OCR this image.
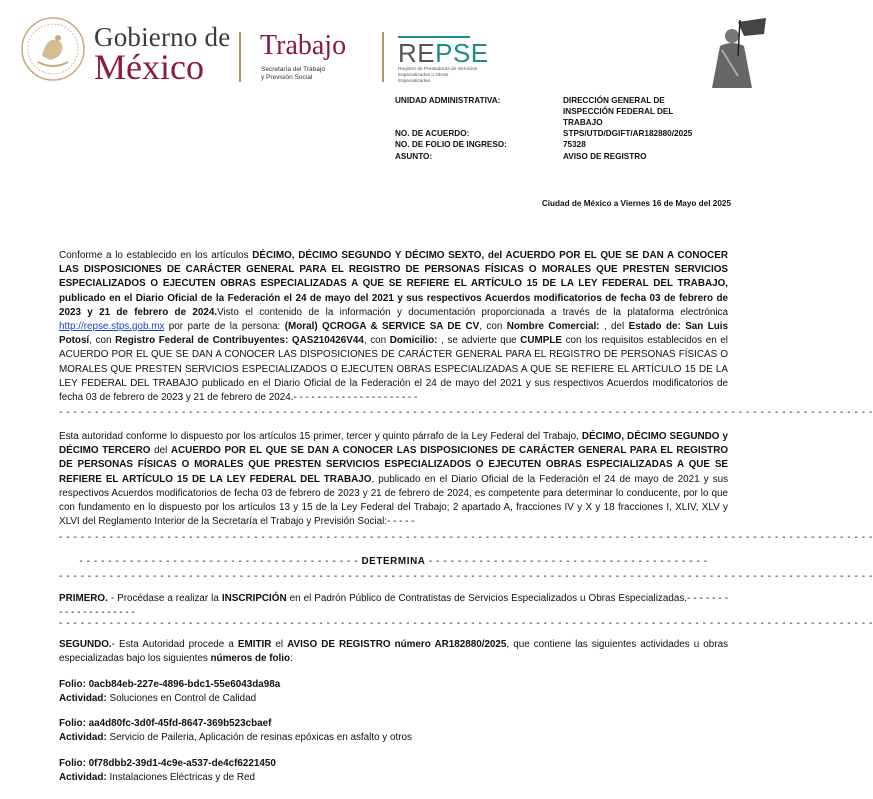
Gobierno de
México
Trabajo
Secretaría del Trabajo
y Previsión Social
REPSE
Registro de Prestadoras de Servicios
Especializados u Obras Especializadas
UNIDAD ADMINISTRATIVA:	DIRECCIÓN GENERAL DE
INSPECCIÓN FEDERAL DEL
TRABAJO
NO. DE ACUERDO:	STPS/UTD/DGIFT/AR182880/2025
NO. DE FOLIO DE INGRESO:	75328
ASUNTO:	AVISO DE REGISTRO
Ciudad de México a Viernes 16 de Mayo del 2025
Conforme a lo establecido en los artículos DÉCIMO, DÉCIMO SEGUNDO Y DÉCIMO SEXTO, del ACUERDO POR EL QUE SE DAN A CONOCER LAS DISPOSICIONES DE CARÁCTER GENERAL PARA EL REGISTRO DE PERSONAS FÍSICAS O MORALES QUE PRESTEN SERVICIOS ESPECIALIZADOS O EJECUTEN OBRAS ESPECIALIZADAS A QUE SE REFIERE EL ARTÍCULO 15 DE LA LEY FEDERAL DEL TRABAJO, publicado en el Diario Oficial de la Federación el 24 de mayo del 2021 y sus respectivos Acuerdos modificatorios de fecha 03 de febrero de 2023 y 21 de febrero de 2024.Visto el contenido de la información y documentación proporcionada a través de la plataforma electrónica http://repse.stps.gob.mx por parte de la persona: (Moral) QCROGA & SERVICE SA DE CV, con Nombre Comercial: , del Estado de: San Luis Potosí, con Registro Federal de Contribuyentes: QAS210426V44, con Domicilio: , se advierte que CUMPLE con los requisitos establecidos en el ACUERDO POR EL QUE SE DAN A CONOCER LAS DISPOSICIONES DE CARÁCTER GENERAL PARA EL REGISTRO DE PERSONAS FÍSICAS O MORALES QUE PRESTEN SERVICIOS ESPECIALIZADOS O EJECUTEN OBRAS ESPECIALIZADAS A QUE SE REFIERE EL ARTÍCULO 15 DE LA LEY FEDERAL DEL TRABAJO publicado en el Diario Oficial de la Federación el 24 de mayo del 2021 y sus respectivos Acuerdos modificatorios de fecha 03 de febrero de 2023 y 21 de febrero de 2024.- - - - - - - - - - - - - - - - - - - - -
- - - - - - - - - - - - - - - - - - - - - - - - - - - - - - - - - - - - - - - - - - - - - - - - - - - - - - - - - - - - - - - - - - - - - - - - - - - - - - - - - - - - - - - - - - - - - - - - - - - - - - - - - - - - - - - - -
Esta autoridad conforme lo dispuesto por los artículos 15 primer, tercer y quinto párrafo de la Ley Federal del Trabajo, DÉCIMO, DÉCIMO SEGUNDO y DÉCIMO TERCERO del ACUERDO POR EL QUE SE DAN A CONOCER LAS DISPOSICIONES DE CARÁCTER GENERAL PARA EL REGISTRO DE PERSONAS FÍSICAS O MORALES QUE PRESTEN SERVICIOS ESPECIALIZADOS O EJECUTEN OBRAS ESPECIALIZADAS A QUE SE REFIERE EL ARTÍCULO 15 DE LA LEY FEDERAL DEL TRABAJO, publicado en el Diario Oficial de la Federación el 24 de mayo de 2021 y sus respectivos Acuerdos modificatorios de fecha 03 de febrero de 2023 y 21 de febrero de 2024, es competente para determinar lo conducente, por lo que con fundamento en lo dispuesto por los artículos 13 y 15 de la Ley Federal del Trabajo; 2 apartado A, fracciones IV y X y 18 fracciones I, XLIV, XLV y XLVI del Reglamento Interior de la Secretaría el Trabajo y Previsión Social:- - - - -
- - - - - - - - - - - - - - - - - - - - - - - - - - - - - - - - - - - - - - - - - - - - - - - - - - - - - - - - - - - - - - - - - - - - - - - - - - - - - - - - - - - - - - - - - - - - - - - - - - - - - - - - - - - - - - - - -
- - - - - - - - - - - - - - - - - - - - - - - - - - - - - - - - - - - - - - - DETERMINA - - - - - - - - - - - - - - - - - - - - - - - - - - - - - - - - - - - - - - -
- - - - - - - - - - - - - - - - - - - - - - - - - - - - - - - - - - - - - - - - - - - - - - - - - - - - - - - - - - - - - - - - - - - - - - - - - - - - - - - - - - - - - - - - - - - - - - - - - - - - - - - - - - - - - - - - -
PRIMERO. - Procédase a realizar la INSCRIPCIÓN en el Padrón Público de Contratistas de Servicios Especializados u Obras Especializadas.- - - - - - - - - - - - - - - - - - - -
- - - - - - - - - - - - - - - - - - - - - - - - - - - - - - - - - - - - - - - - - - - - - - - - - - - - - - - - - - - - - - - - - - - - - - - - - - - - - - - - - - - - - - - - - - - - - - - - - - - - - - - - - - - - - - - - -
SEGUNDO.- Esta Autoridad procede a EMITIR el AVISO DE REGISTRO número AR182880/2025, que contiene las siguientes actividades u obras especializadas bajo los siguientes números de folio:
Folio: 0acb84eb-227e-4896-bdc1-55e6043da98a
Actividad: Soluciones en Control de Calidad
Folio: aa4d80fc-3d0f-45fd-8647-369b523cbaef
Actividad: Servicio de Paileria, Aplicación de resinas epóxicas en asfalto y otros
Folio: 0f78dbb2-39d1-4c9e-a537-de4cf6221450
Actividad: Instalaciones Eléctricas y de Red
